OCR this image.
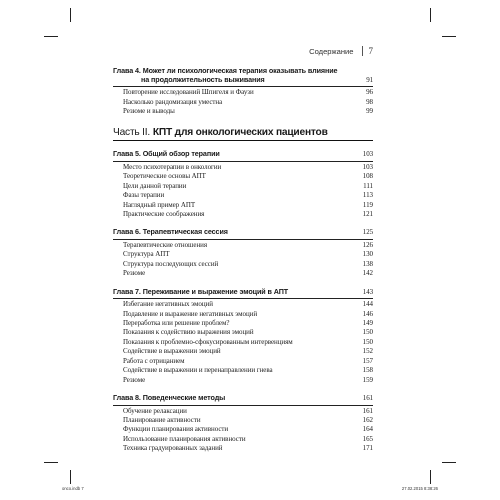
Содержание 7
Глава 4. Может ли психологическая терапия оказывать влияние
на продолжительность выживания	91
Повторение исследований Шпигеля и Фаузи	96
Насколько рандомизация уместна	98
Резюме и выводы	99
Часть II. КПТ для онкологических пациентов
Глава 5. Общий обзор терапии	103
Место психотерапии в онкологии	103
Теоретические основы АПТ	108
Цели данной терапии	111
Фазы терапии	113
Наглядный пример АПТ	119
Практические соображения	121
Глава 6. Терапевтическая сессия	125
Терапевтические отношения	126
Структура АПТ	130
Структура последующих сессий	138
Резюме	142
Глава 7. Переживание и выражение эмоций в АПТ	143
Избегание негативных эмоций	144
Подавление и выражение негативных эмоций	146
Переработка или решение проблем?	149
Показания к содействию выражения эмоций	150
Показания к проблемно-сфокусированным интервенциям	150
Содействие в выражении эмоций	152
Работа с отрицанием	157
Содействие в выражении и перенаправлении гнева	158
Резюме	159
Глава 8. Поведенческие методы	161
Обучение релаксации	161
Планирование активности	162
Функции планирования активности	164
Использование планирования активности	165
Техника градуированных заданий	171
onco.indb 7	27.02.2015 8:38:26
